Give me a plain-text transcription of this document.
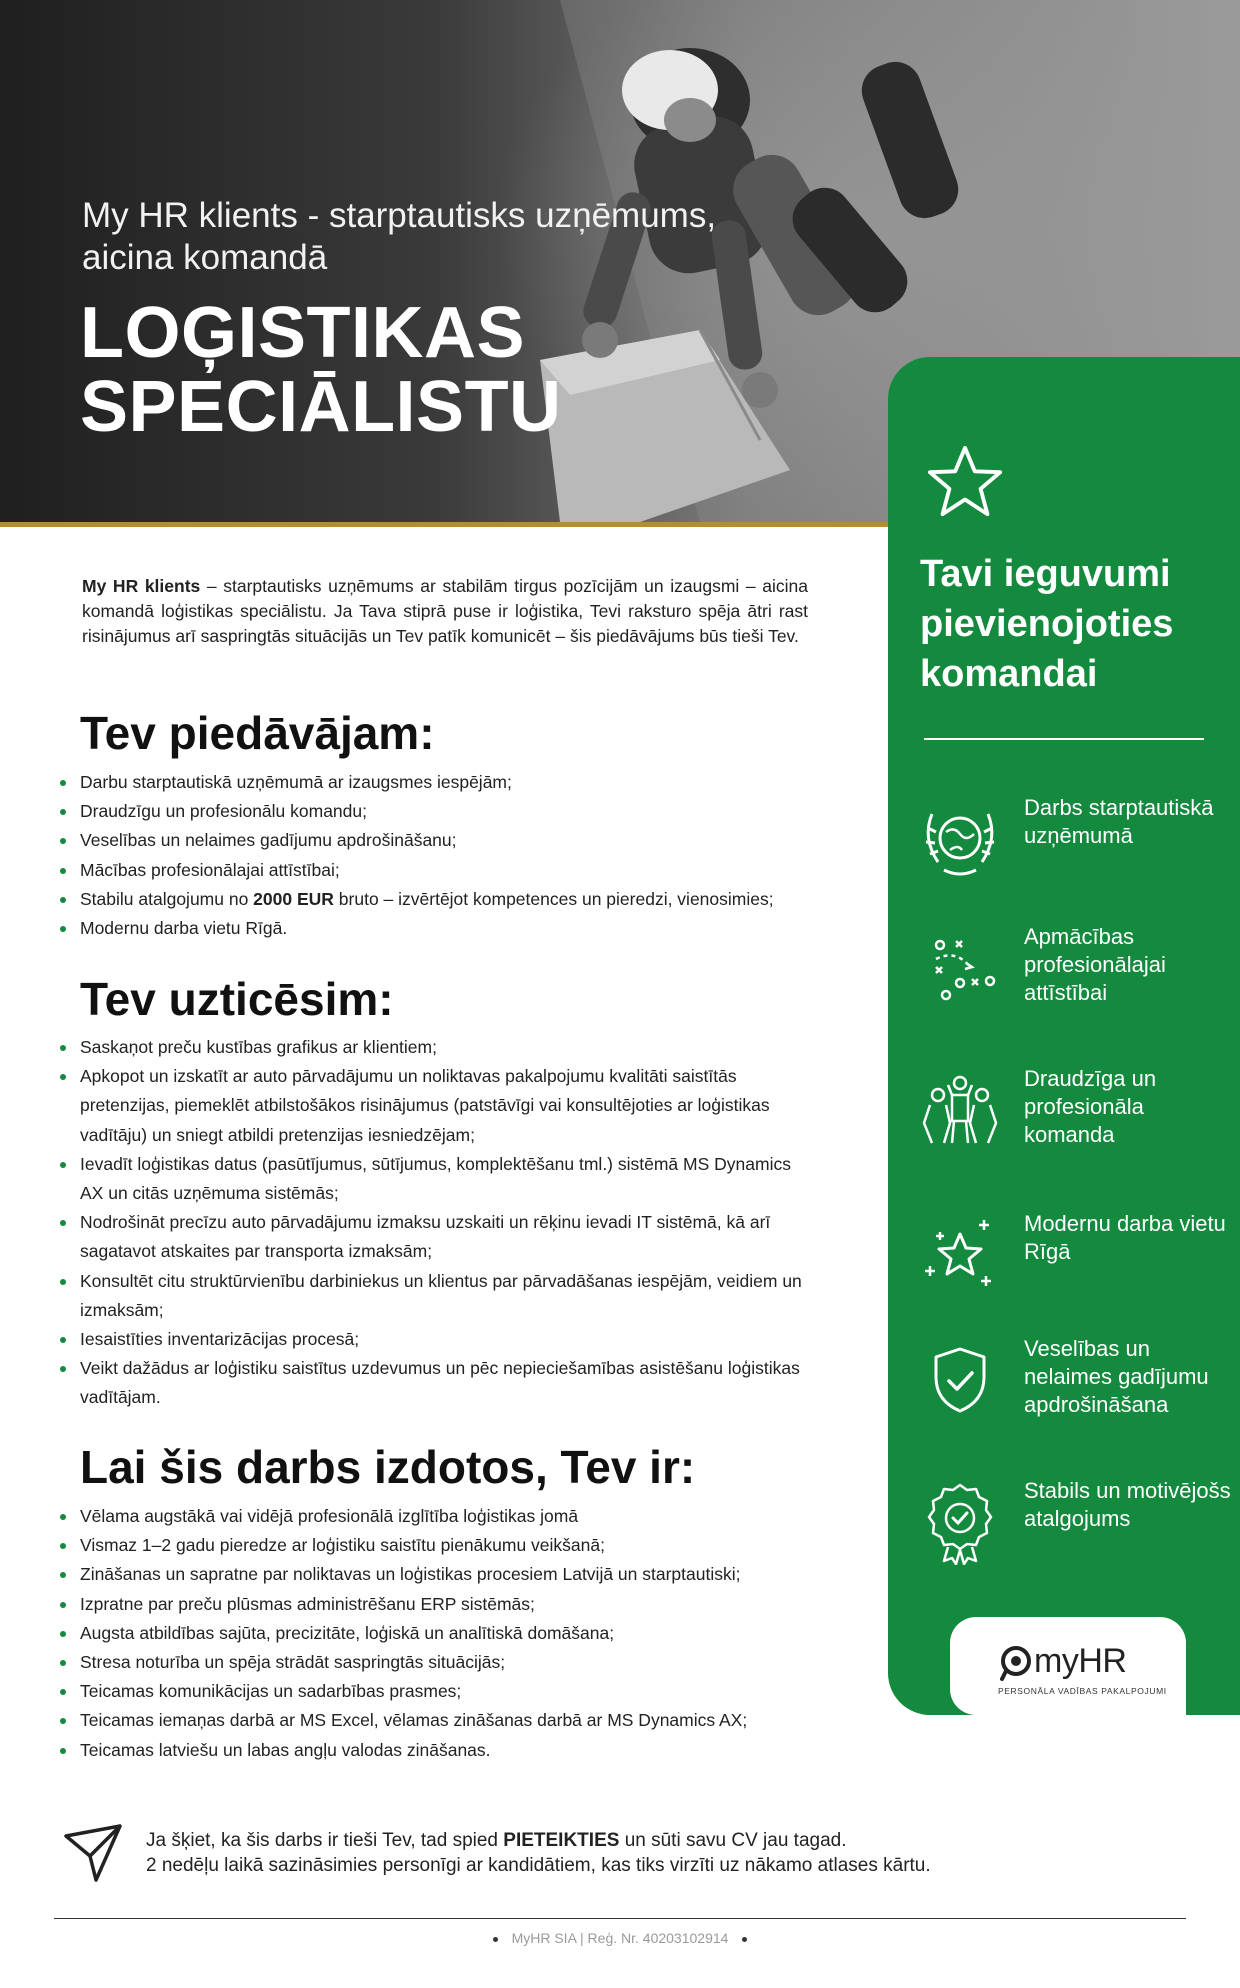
My HR klients - starptautisks uzņēmums, aicina komandā
LOĢISTIKAS
SPECIĀLISTU

My HR klients – starptautisks uzņēmums ar stabilām tirgus pozīcijām un izaugsmi – aicina komandā loģistikas speciālistu. Ja Tava stiprā puse ir loģistika, Tevi raksturo spēja ātri rast risinājumus arī saspringtās situācijās un Tev patīk komunicēt – šis piedāvājums būs tieši Tev.

Tev piedāvājam:
Darbu starptautiskā uzņēmumā ar izaugsmes iespējām;
Draudzīgu un profesionālu komandu;
Veselības un nelaimes gadījumu apdrošināšanu;
Mācības profesionālajai attīstībai;
Stabilu atalgojumu no 2000 EUR bruto – izvērtējot kompetences un pieredzi, vienosimies;
Modernu darba vietu Rīgā.
Tev uzticēsim:
Saskaņot preču kustības grafikus ar klientiem;
Apkopot un izskatīt ar auto pārvadājumu un noliktavas pakalpojumu kvalitāti saistītās pretenzijas, piemeklēt atbilstošākos risinājumus (patstāvīgi vai konsultējoties ar loģistikas vadītāju) un sniegt atbildi pretenzijas iesniedzējam;
Ievadīt loģistikas datus (pasūtījumus, sūtījumus, komplektēšanu tml.) sistēmā MS Dynamics AX un citās uzņēmuma sistēmās;
Nodrošināt precīzu auto pārvadājumu izmaksu uzskaiti un rēķinu ievadi IT sistēmā, kā arī sagatavot atskaites par transporta izmaksām;
Konsultēt citu struktūrvienību darbiniekus un klientus par pārvadāšanas iespējām, veidiem un izmaksām;
Iesaistīties inventarizācijas procesā;
Veikt dažādus ar loģistiku saistītus uzdevumus un pēc nepieciešamības asistēšanu loģistikas vadītājam.
Lai šis darbs izdotos, Tev ir:
Vēlama augstākā vai vidējā profesionālā izglītība loģistikas jomā
Vismaz 1–2 gadu pieredze ar loģistiku saistītu pienākumu veikšanā;
Zināšanas un sapratne par noliktavas un loģistikas procesiem Latvijā un starptautiski;
Izpratne par preču plūsmas administrēšanu ERP sistēmās;
Augsta atbildības sajūta, precizitāte, loģiskā un analītiskā domāšana;
Stresa noturība un spēja strādāt saspringtās situācijās;
Teicamas komunikācijas un sadarbības prasmes;
Teicamas iemaņas darbā ar MS Excel, vēlamas zināšanas darbā ar MS Dynamics AX;
Teicamas latviešu un labas angļu valodas zināšanas.
Tavi ieguvumi pievienojoties komandai
Darbs starptautiskā uzņēmumā
Apmācības profesionālajai attīstībai
Draudzīga un profesionāla komanda
Modernu darba vietu Rīgā
Veselības un nelaimes gadījumu apdrošināšana
Stabils un motivējošs atalgojums
myHR
PERSONĀLA VADĪBAS PAKALPOJUMI
Ja šķiet, ka šis darbs ir tieši Tev, tad spied PIETEIKTIES un sūti savu CV jau tagad.
2 nedēļu laikā sazināsimies personīgi ar kandidātiem, kas tiks virzīti uz nākamo atlases kārtu.
MyHR SIA | Reģ. Nr. 40203102914
